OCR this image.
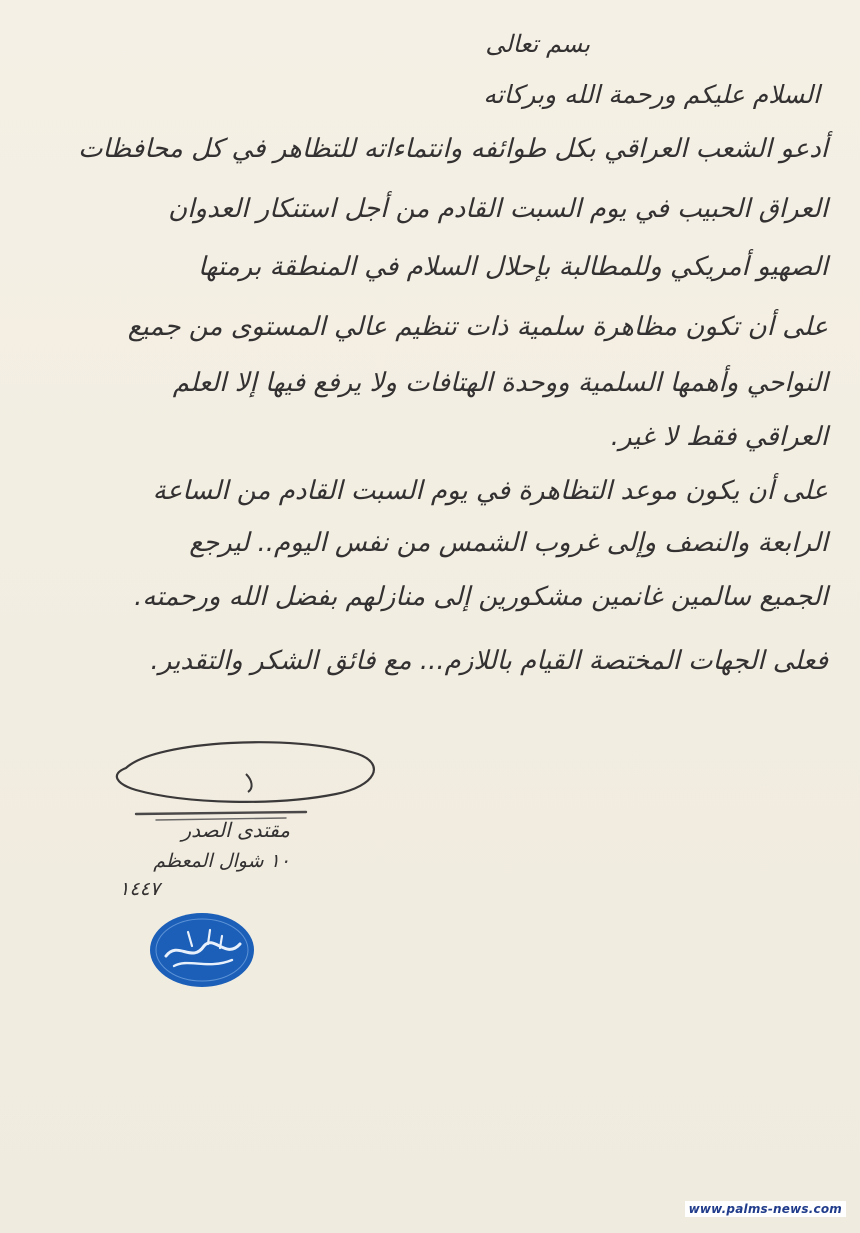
بسم تعالى
السلام عليكم ورحمة الله وبركاته
أدعو الشعب العراقي بكل طوائفه وانتماءاته للتظاهر في كل محافظات
العراق الحبيب في يوم السبت القادم من أجل استنكار العدوان
الصهيو أمريكي وللمطالبة بإحلال السلام في المنطقة برمتها
على أن تكون مظاهرة سلمية ذات تنظيم عالي المستوى من جميع
النواحي وأهمها السلمية ووحدة الهتافات ولا يرفع فيها إلا العلم
العراقي فقط لا غير.
على أن يكون موعد التظاهرة في يوم السبت القادم من الساعة
الرابعة والنصف وإلى غروب الشمس من نفس اليوم.. ليرجع
الجميع سالمين غانمين مشكورين إلى منازلهم بفضل الله ورحمته.
فعلى الجهات المختصة القيام باللازم... مع فائق الشكر والتقدير.
مقتدى الصدر
١٠ شوال المعظم
١٤٤٧
www.palms-news.com
